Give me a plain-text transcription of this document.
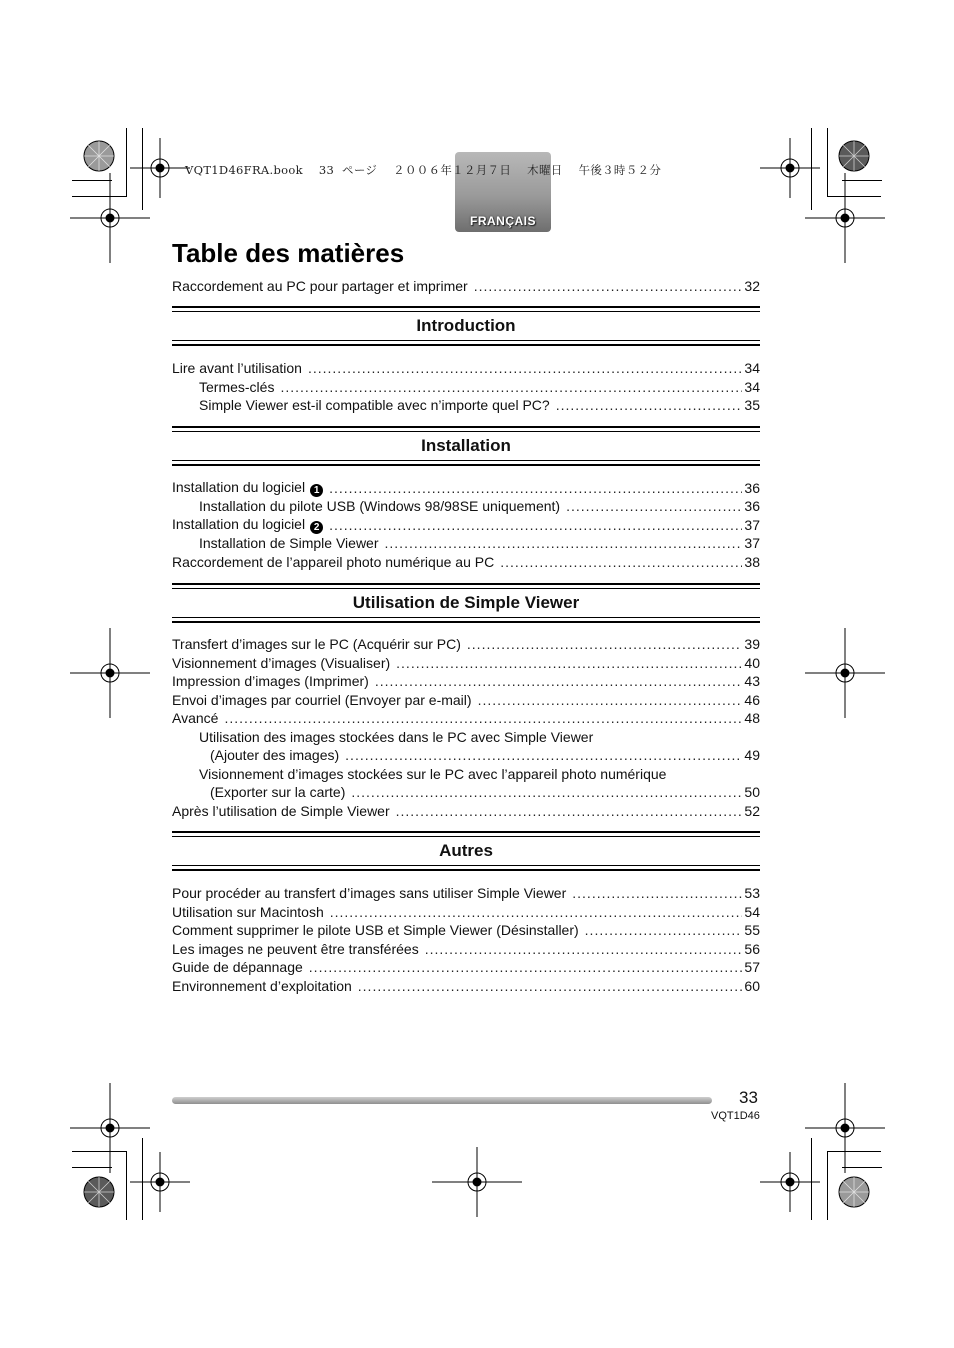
FRANÇAIS
VQT1D46FRA.book 33 ページ ２００６年１２月７日 木曜日 午後３時５２分
Table des matières
Raccordement au PC pour partager et imprimer .....	32
Introduction
Lire avant l’utilisation .....	34
Termes-clés .....	34
Simple Viewer est-il compatible avec n’importe quel PC? .....	35
Installation
Installation du logiciel 1 .....	36
Installation du pilote USB (Windows 98/98SE uniquement) .....	36
Installation du logiciel 2 .....	37
Installation de Simple Viewer .....	37
Raccordement de l’appareil photo numérique au PC .....	38
Utilisation de Simple Viewer
Transfert d’images sur le PC (Acquérir sur PC) .....	39
Visionnement d’images (Visualiser) .....	40
Impression d’images (Imprimer) .....	43
Envoi d’images par courriel (Envoyer par e-mail) .....	46
Avancé .....	48
Utilisation des images stockées dans le PC avec Simple Viewer
(Ajouter des images) .....	49
Visionnement d’images stockées sur le PC avec l’appareil photo numérique
(Exporter sur la carte) .....	50
Après l’utilisation de Simple Viewer .....	52
Autres
Pour procéder au transfert d’images sans utiliser Simple Viewer .....	53
Utilisation sur Macintosh .....	54
Comment supprimer le pilote USB et Simple Viewer (Désinstaller) .....	55
Les images ne peuvent être transférées .....	56
Guide de dépannage .....	57
Environnement d’exploitation .....	60
33
VQT1D46
